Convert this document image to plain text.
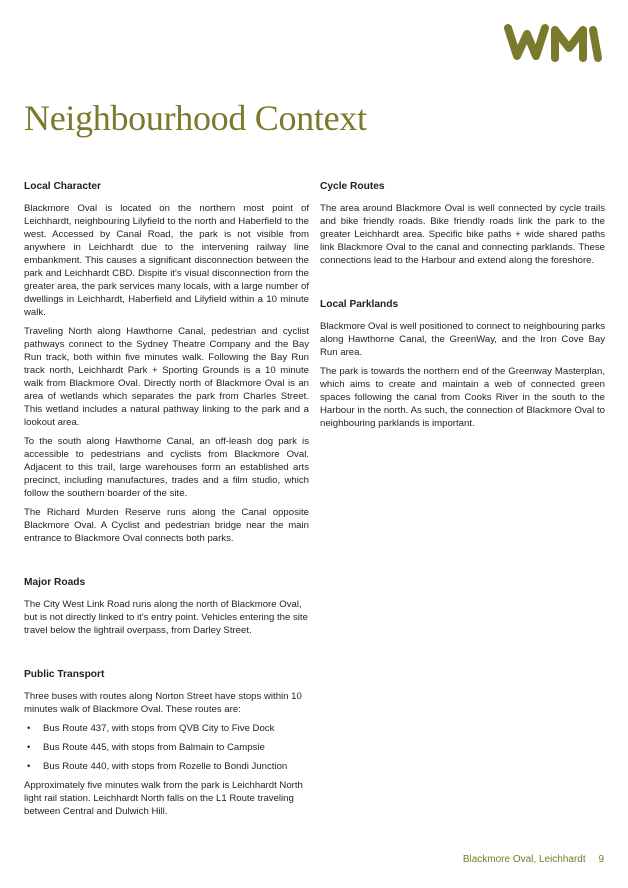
Neighbourhood Context
Local Character

Blackmore Oval is located on the northern most point of Leichhardt, neighbouring Lilyfield to the north and Haberfield to the west. Accessed by Canal Road, the park is not visible from anywhere in Leichhardt due to the intervening railway line embankment. This causes a significant disconnection between the park and Leichhardt CBD. Dispite it's visual disconnection from the greater area, the park services many locals, with a large number of dwellings in Leichhardt, Haberfield and Lilyfield within a 10 minute walk.

Traveling North along Hawthorne Canal, pedestrian and cyclist pathways connect to the Sydney Theatre Company and the Bay Run track, both within five minutes walk. Following the Bay Run track north, Leichhardt Park + Sporting Grounds is a 10 minute walk from Blackmore Oval. Directly north of Blackmore Oval is an area of wetlands which separates the park from Charles Street. This wetland includes a natural pathway linking to the park and a lookout area.

To the south along Hawthorne Canal, an off-leash dog park is accessible to pedestrians and cyclists from Blackmore Oval. Adjacent to this trail, large warehouses form an established arts precinct, including manufactures, trades and a film studio, which follow the southern boarder of the site.

The Richard Murden Reserve runs along the Canal opposite Blackmore Oval. A Cyclist and pedestrian bridge near the main entrance to Blackmore Oval connects both parks.

Major Roads

The City West Link Road runs along the north of Blackmore Oval, but is not directly linked to it's entry point. Vehicles entering the site travel below the lightrail overpass, from Darley Street.

Public Transport

Three buses with routes along Norton Street have stops within 10 minutes walk of Blackmore Oval. These routes are:

• Bus Route 437, with stops from QVB City to Five Dock
• Bus Route 445, with stops from Balmain to Campsie
• Bus Route 440, with stops from Rozelle to Bondi Junction

Approximately five minutes walk from the park is Leichhardt North light rail station. Leichhardt North falls on the L1 Route traveling between Central and Dulwich Hill.

Cycle Routes

The area around Blackmore Oval is well connected by cycle trails and bike friendly roads. Bike friendly roads link the park to the greater Leichhardt area. Specific bike paths + wide shared paths link Blackmore Oval to the canal and connecting parklands. These connections lead to the Harbour and extend along the foreshore.

Local Parklands

Blackmore Oval is well positioned to connect to neighbouring parks along Hawthorne Canal, the GreenWay, and the Iron Cove Bay Run area.

The park is towards the northern end of the Greenway Masterplan, which aims to create and maintain a web of connected green spaces following the canal from Cooks River in the south to the Harbour in the north. As such, the connection of Blackmore Oval to neighbouring parklands is important.

Blackmore Oval, Leichhardt 9
